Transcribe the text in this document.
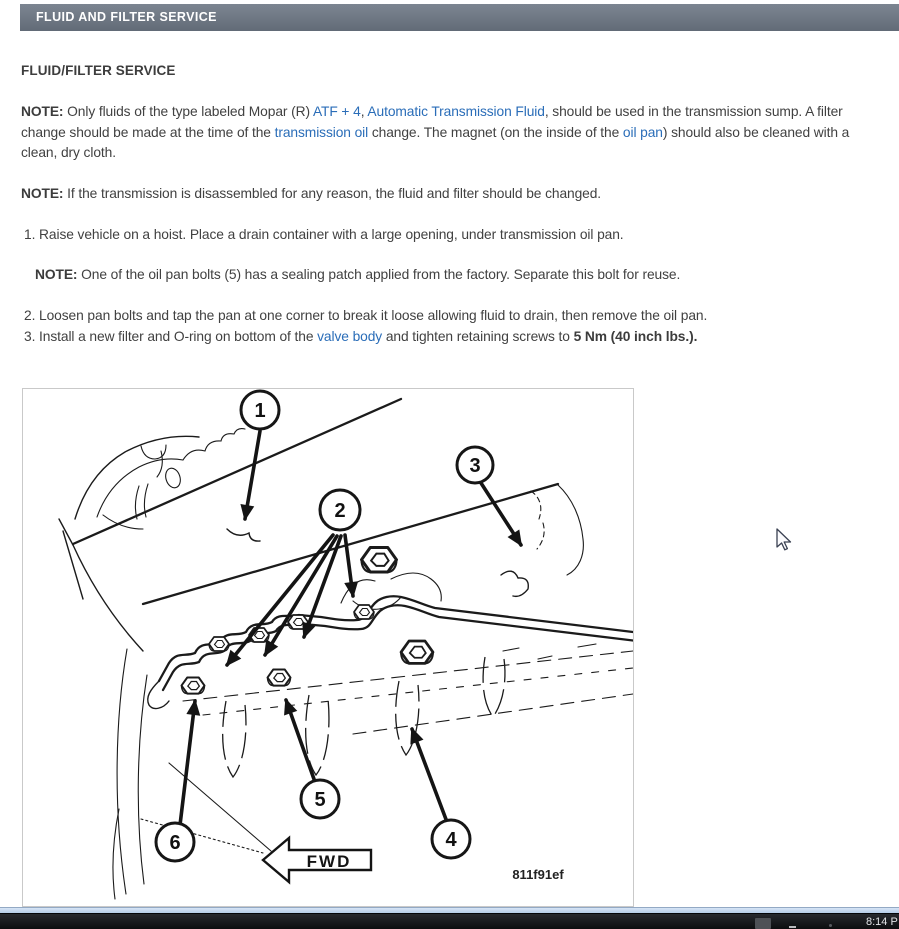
FLUID AND FILTER SERVICE
FLUID/FILTER SERVICE
NOTE: Only fluids of the type labeled Mopar (R) ATF + 4, Automatic Transmission Fluid, should be used in the transmission sump. A filter change should be made at the time of the transmission oil change. The magnet (on the inside of the oil pan) should also be cleaned with a clean, dry cloth.
NOTE: If the transmission is disassembled for any reason, the fluid and filter should be changed.
1. Raise vehicle on a hoist. Place a drain container with a large opening, under transmission oil pan.
NOTE: One of the oil pan bolts (5) has a sealing patch applied from the factory. Separate this bolt for reuse.
2. Loosen pan bolts and tap the pan at one corner to break it loose allowing fluid to drain, then remove the oil pan.
3. Install a new filter and O-ring on bottom of the valve body and tighten retaining screws to 5 Nm (40 inch lbs.).
1
2
3
4
5
6
FWD
811f91ef
8:14 P
